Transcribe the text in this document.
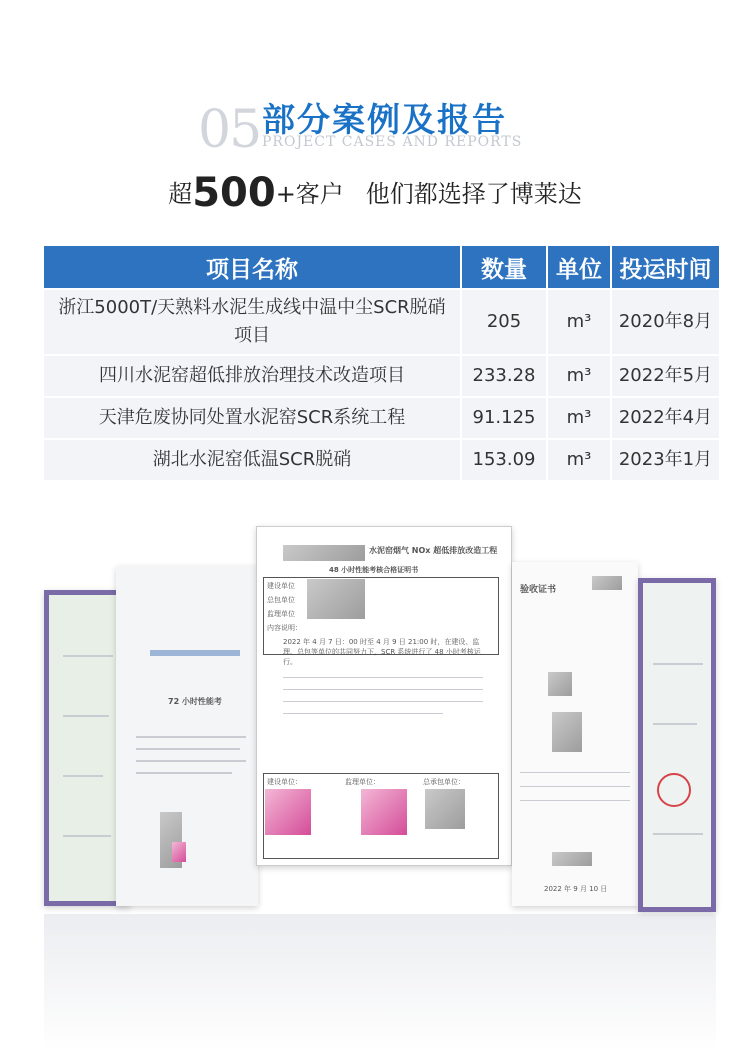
05 部分案例及报告
PROJECT CASES AND REPORTS
超500+客户 他们都选择了博莱达
项目名称	数量	单位	投运时间
浙江5000T/天熟料水泥生成线中温中尘SCR脱硝项目	205	m³	2020年8月
四川水泥窑超低排放治理技术改造项目	233.28	m³	2022年5月
天津危废协同处置水泥窑SCR系统工程	91.125	m³	2022年4月
湖北水泥窑低温SCR脱硝	153.09	m³	2023年1月
72 小时性能考
水泥窑烟气 NOx 超低排放改造工程
48 小时性能考核合格证明书
建设单位
总包单位
监理单位
内容说明：
2022 年 4 月 7 日：00 时至 4 月 9 日 21:00 时，在建设、监理、总包等单位的共同努力下，SCR 系统进行了 48 小时考核运行。
建设单位：	监理单位：	总承包单位：
验收证书
2022 年 9 月 10 日
